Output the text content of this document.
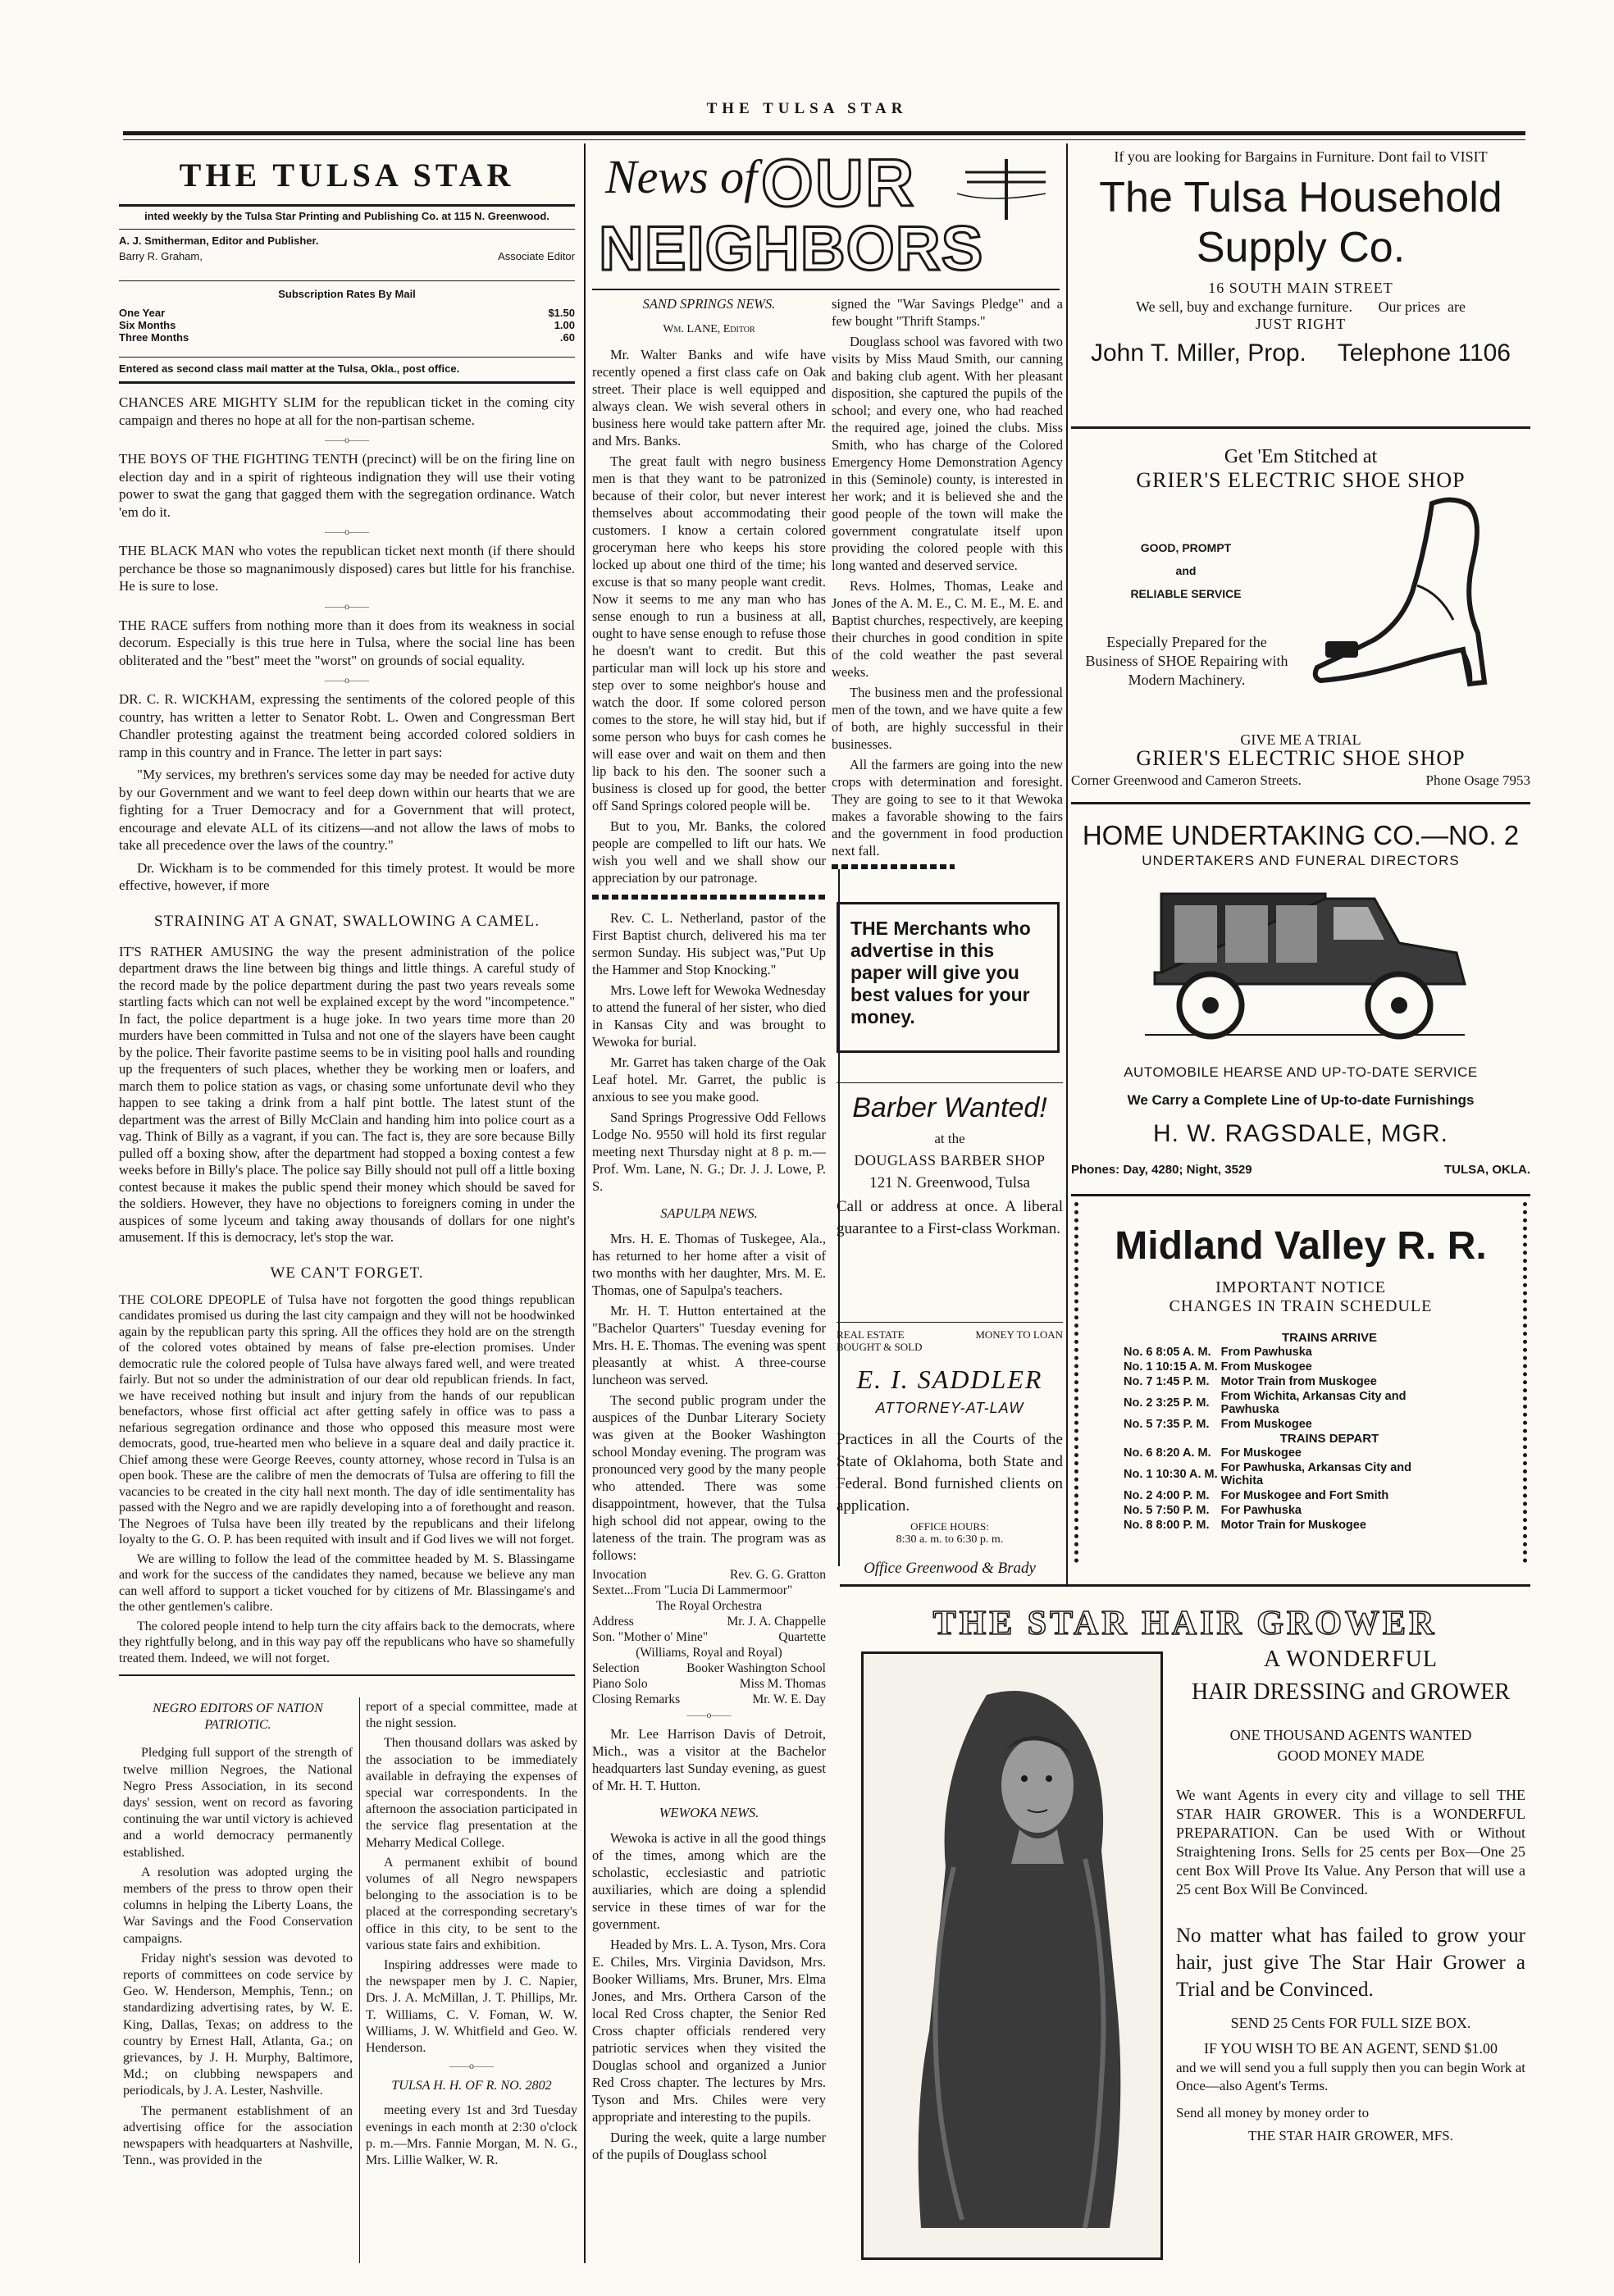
THE TULSA STAR
THE TULSA STAR
inted weekly by the Tulsa Star Printing and Publishing Co. at 115 N. Greenwood.
A. J. Smitherman, Editor and Publisher.
Barry R. Graham,	Associate Editor
Subscription Rates By Mail
One Year	$1.50
Six Months	1.00
Three Months	.60
Entered as second class mail matter at the Tulsa, Okla., post office.

CHANCES ARE MIGHTY SLIM for the republican ticket in the coming city campaign and theres no hope at all for the non-partisan scheme.

——o——

THE BOYS OF THE FIGHTING TENTH (precinct) will be on the firing line on election day and in a spirit of righteous indignation they will use their voting power to swat the gang that gagged them with the segregation ordinance. Watch 'em do it.

——o——

THE BLACK MAN who votes the republican ticket next month (if there should perchance be those so magnanimously disposed) cares but little for his franchise. He is sure to lose.

——o——

THE RACE suffers from nothing more than it does from its weakness in social decorum. Especially is this true here in Tulsa, where the social line has been obliterated and the "best" meet the "worst" on grounds of social equality.

——o——

DR. C. R. WICKHAM, expressing the sentiments of the colored people of this country, has written a letter to Senator Robt. L. Owen and Congressman Bert Chandler protesting against the treatment being accorded colored soldiers in ramp in this country and in France. The letter in part says:

"My services, my brethren's services some day may be needed for active duty by our Government and we want to feel deep down within our hearts that we are fighting for a Truer Democracy and for a Government that will protect, encourage and elevate ALL of its citizens—and not allow the laws of mobs to take all precedence over the laws of the country."

Dr. Wickham is to be commended for this timely protest. It would be more effective, however, if more

STRAINING AT A GNAT, SWALLOWING A CAMEL.

IT'S RATHER AMUSING the way the present administration of the police department draws the line between big things and little things. A careful study of the record made by the police department during the past two years reveals some startling facts which can not well be explained except by the word "incompetence." In fact, the police department is a huge joke. In two years time more than 20 murders have been committed in Tulsa and not one of the slayers have been caught by the police. Their favorite pastime seems to be in visiting pool halls and rounding up the frequenters of such places, whether they be working men or loafers, and march them to police station as vags, or chasing some unfortunate devil who they happen to see taking a drink from a half pint bottle. The latest stunt of the department was the arrest of Billy McClain and handing him into police court as a vag. Think of Billy as a vagrant, if you can. The fact is, they are sore because Billy pulled off a boxing show, after the department had stopped a boxing contest a few weeks before in Billy's place. The police say Billy should not pull off a little boxing contest because it makes the public spend their money which should be saved for the soldiers. However, they have no objections to foreigners coming in under the auspices of some lyceum and taking away thousands of dollars for one night's amusement. If this is democracy, let's stop the war.

WE CAN'T FORGET.

THE COLORE DPEOPLE of Tulsa have not forgotten the good things republican candidates promised us during the last city campaign and they will not be hoodwinked again by the republican party this spring. All the offices they hold are on the strength of the colored votes obtained by means of false pre-election promises. Under democratic rule the colored people of Tulsa have always fared well, and were treated fairly. But not so under the administration of our dear old republican friends. In fact, we have received nothing but insult and injury from the hands of our republican benefactors, whose first official act after getting safely in office was to pass a nefarious segregation ordinance and those who opposed this measure most were democrats, good, true-hearted men who believe in a square deal and daily practice it. Chief among these were George Reeves, county attorney, whose record in Tulsa is an open book. These are the calibre of men the democrats of Tulsa are offering to fill the vacancies to be created in the city hall next month. The day of idle sentimentality has passed with the Negro and we are rapidly developing into a of forethought and reason. The Negroes of Tulsa have been illy treated by the republicans and their lifelong loyalty to the G. O. P. has been requited with insult and if God lives we will not forget.

We are willing to follow the lead of the committee headed by M. S. Blassingame and work for the success of the candidates they named, because we believe any man can well afford to support a ticket vouched for by citizens of Mr. Blassingame's and the other gentlemen's calibre.

The colored people intend to help turn the city affairs back to the democrats, where they rightfully belong, and in this way pay off the republicans who have so shamefully treated them. Indeed, we will not forget.

NEGRO EDITORS OF NATION PATRIOTIC.

Pledging full support of the strength of twelve million Negroes, the National Negro Press Association, in its second days' session, went on record as favoring continuing the war until victory is achieved and a world democracy permanently established.

A resolution was adopted urging the members of the press to throw open their columns in helping the Liberty Loans, the War Savings and the Food Conservation campaigns.

Friday night's session was devoted to reports of committees on code service by Geo. W. Henderson, Memphis, Tenn.; on standardizing advertising rates, by W. E. King, Dallas, Texas; on address to the country by Ernest Hall, Atlanta, Ga.; on grievances, by J. H. Murphy, Baltimore, Md.; on clubbing newspapers and periodicals, by J. A. Lester, Nashville.

The permanent establishment of an advertising office for the association newspapers with headquarters at Nashville, Tenn., was provided in the

report of a special committee, made at the night session.

Then thousand dollars was asked by the association to be immediately available in defraying the expenses of special war correspondents. In the afternoon the association participated in the service flag presentation at the Meharry Medical College.

A permanent exhibit of bound volumes of all Negro newspapers belonging to the association is to be placed at the corresponding secretary's office in this city, to be sent to the various state fairs and exhibition.

Inspiring addresses were made to the newspaper men by J. C. Napier, Drs. J. A. McMillan, J. T. Phillips, Mr. T. Williams, C. V. Foman, W. W. Williams, J. W. Whitfield and Geo. W. Henderson.

——o——
TULSA H. H. OF R. NO. 2802

meeting every 1st and 3rd Tuesday evenings in each month at 2:30 o'clock p. m.—Mrs. Fannie Morgan, M. N. G., Mrs. Lillie Walker, W. R.

News of OUR
NEIGHBORS
SAND SPRINGS NEWS.
Wm. LANE, Editor

Mr. Walter Banks and wife have recently opened a first class cafe on Oak street. Their place is well equipped and always clean. We wish several others in business here would take pattern after Mr. and Mrs. Banks.

The great fault with negro business men is that they want to be patronized because of their color, but never interest themselves about accommodating their customers. I know a certain colored groceryman here who keeps his store locked up about one third of the time; his excuse is that so many people want credit. Now it seems to me any man who has sense enough to run a business at all, ought to have sense enough to refuse those he doesn't want to credit. But this particular man will lock up his store and step over to some neighbor's house and watch the door. If some colored person comes to the store, he will stay hid, but if some person who buys for cash comes he will ease over and wait on them and then lip back to his den. The sooner such a business is closed up for good, the better off Sand Springs colored people will be.

But to you, Mr. Banks, the colored people are compelled to lift our hats. We wish you well and we shall show our appreciation by our patronage.

Rev. C. L. Netherland, pastor of the First Baptist church, delivered his ma ter sermon Sunday. His subject was,"Put Up the Hammer and Stop Knocking."

Mrs. Lowe left for Wewoka Wednesday to attend the funeral of her sister, who died in Kansas City and was brought to Wewoka for burial.

Mr. Garret has taken charge of the Oak Leaf hotel. Mr. Garret, the public is anxious to see you make good.

Sand Springs Progressive Odd Fellows Lodge No. 9550 will hold its first regular meeting next Thursday night at 8 p. m.—Prof. Wm. Lane, N. G.; Dr. J. J. Lowe, P. S.

SAPULPA NEWS.

Mrs. H. E. Thomas of Tuskegee, Ala., has returned to her home after a visit of two months with her daughter, Mrs. M. E. Thomas, one of Sapulpa's teachers.

Mr. H. T. Hutton entertained at the "Bachelor Quarters" Tuesday evening for Mrs. H. E. Thomas. The evening was spent pleasantly at whist. A three-course luncheon was served.

The second public program under the auspices of the Dunbar Literary Society was given at the Booker Washington school Monday evening. The program was pronounced very good by the many people who attended. There was some disappointment, however, that the Tulsa high school did not appear, owing to the lateness of the train. The program was as follows:

Invocation	Rev. G. G. Gratton
Sextet...From "Lucia Di Lammermoor"
The Royal Orchestra
Address	Mr. J. A. Chappelle
Son. "Mother o' Mine"	Quartette
(Williams, Royal and Royal)
Selection	Booker Washington School
Piano Solo	Miss M. Thomas
Closing Remarks	Mr. W. E. Day
——o——

Mr. Lee Harrison Davis of Detroit, Mich., was a visitor at the Bachelor headquarters last Sunday evening, as guest of Mr. H. T. Hutton.

WEWOKA NEWS.

Wewoka is active in all the good things of the times, among which are the scholastic, ecclesiastic and patriotic auxiliaries, which are doing a splendid service in these times of war for the government.

Headed by Mrs. L. A. Tyson, Mrs. Cora E. Chiles, Mrs. Virginia Davidson, Mrs. Booker Williams, Mrs. Bruner, Mrs. Elma Jones, and Mrs. Orthera Carson of the local Red Cross chapter, the Senior Red Cross chapter officials rendered very patriotic services when they visited the Douglas school and organized a Junior Red Cross chapter. The lectures by Mrs. Tyson and Mrs. Chiles were very appropriate and interesting to the pupils.

During the week, quite a large number of the pupils of Douglass school

signed the "War Savings Pledge" and a few bought "Thrift Stamps."

Douglass school was favored with two visits by Miss Maud Smith, our canning and baking club agent. With her pleasant disposition, she captured the pupils of the school; and every one, who had reached the required age, joined the clubs. Miss Smith, who has charge of the Colored Emergency Home Demonstration Agency in this (Seminole) county, is interested in her work; and it is believed she and the good people of the town will make the government congratulate itself upon providing the colored people with this long wanted and deserved service.

Revs. Holmes, Thomas, Leake and Jones of the A. M. E., C. M. E., M. E. and Baptist churches, respectively, are keeping their churches in good condition in spite of the cold weather the past several weeks.

The business men and the professional men of the town, and we have quite a few of both, are highly successful in their businesses.

All the farmers are going into the new crops with determination and foresight. They are going to see to it that Wewoka makes a favorable showing to the fairs and the government in food production next fall.

THE Merchants who advertise in this paper will give you best values for your money.
Barber Wanted!
at the
DOUGLASS BARBER SHOP
121 N. Greenwood, Tulsa
Call or address at once. A liberal guarantee to a First-class Workman.
REAL ESTATE BOUGHT & SOLD
MONEY TO LOAN
E. I. SADDLER
ATTORNEY-AT-LAW
Practices in all the Courts of the State of Oklahoma, both State and Federal. Bond furnished clients on application.
OFFICE HOURS:
8:30 a. m. to 6:30 p. m.
Office Greenwood & Brady
If you are looking for Bargains in Furniture. Dont fail to VISIT
The Tulsa Household
Supply Co.
16 SOUTH MAIN STREET
We sell, buy and exchange furniture.       Our prices  are
JUST RIGHT
John T. Miller, Prop. Telephone 1106
Get 'Em Stitched at
GRIER'S ELECTRIC SHOE SHOP
GOOD, PROMPT
and
RELIABLE SERVICE
Especially Prepared for the Business of SHOE Repairing with Modern Machinery.
GIVE ME A TRIAL
GRIER'S ELECTRIC SHOE SHOP
Corner Greenwood and Cameron Streets.	Phone Osage 7953
HOME UNDERTAKING CO.—NO. 2
UNDERTAKERS AND FUNERAL DIRECTORS
AUTOMOBILE HEARSE AND UP-TO-DATE SERVICE
We Carry a Complete Line of Up-to-date Furnishings
H. W. RAGSDALE, MGR.
Phones: Day, 4280; Night, 3529	TULSA, OKLA.
Midland Valley R. R.
IMPORTANT NOTICE
CHANGES IN TRAIN SCHEDULE
TRAINS ARRIVE
No. 6	8:05 A. M.	From Pawhuska
No. 1	10:15 A. M.	From Muskogee
No. 7	1:45 P. M.	Motor Train from Muskogee
No. 2	3:25 P. M.	From Wichita, Arkansas City and Pawhuska
No. 5	7:35 P. M.	From Muskogee
TRAINS DEPART
No. 6	8:20 A. M.	For Muskogee
No. 1	10:30 A. M.	For Pawhuska, Arkansas City and Wichita
No. 2	4:00 P. M.	For Muskogee and Fort Smith
No. 5	7:50 P. M.	For Pawhuska
No. 8	8:00 P. M.	Motor Train for Muskogee
THE STAR HAIR GROWER
A WONDERFUL
HAIR DRESSING and GROWER
ONE THOUSAND AGENTS WANTED
GOOD MONEY MADE
We want Agents in every city and village to sell THE STAR HAIR GROWER. This is a WONDERFUL PREPARATION. Can be used With or Without Straightening Irons. Sells for 25 cents per Box—One 25 cent Box Will Prove Its Value. Any Person that will use a 25 cent Box Will Be Convinced.
No matter what has failed to grow your hair, just give The Star Hair Grower a Trial and be Convinced.
SEND 25 Cents FOR FULL SIZE BOX.
IF YOU WISH TO BE AN AGENT, SEND $1.00
and we will send you a full supply then you can begin Work at Once—also Agent's Terms.
Send all money by money order to
THE STAR HAIR GROWER, MFS.
